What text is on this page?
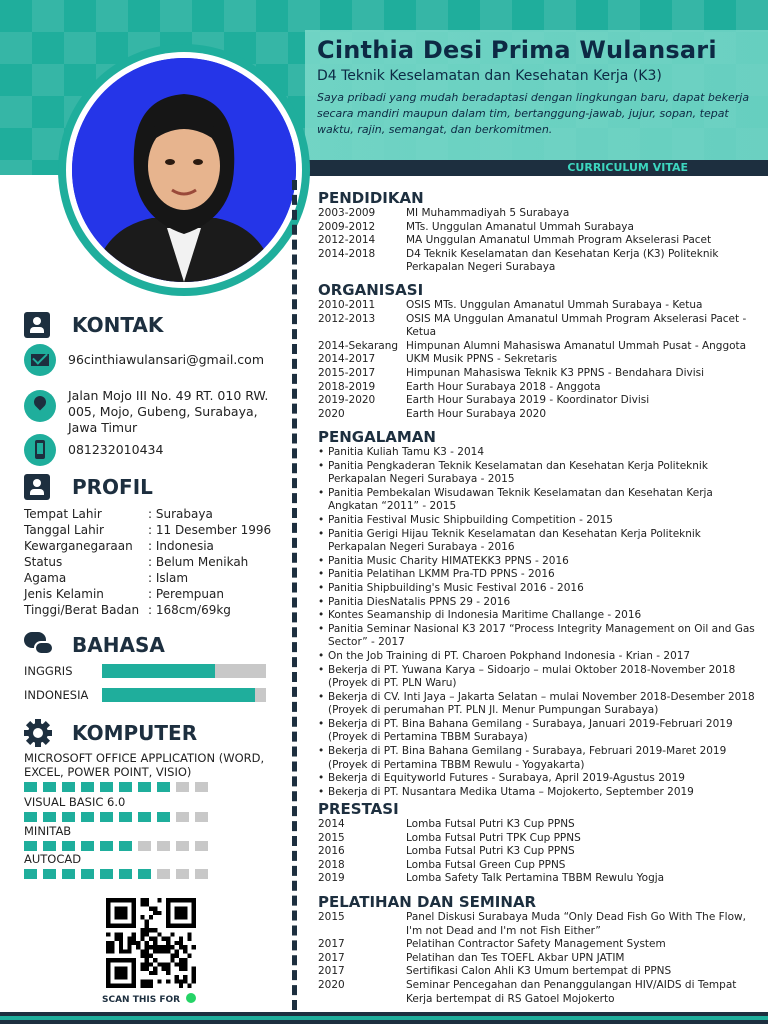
Cinthia Desi Prima Wulansari
D4 Teknik Keselamatan dan Kesehatan Kerja (K3)
Saya pribadi yang mudah beradaptasi dengan lingkungan baru, dapat bekerja secara mandiri maupun dalam tim, bertanggung-jawab, jujur, sopan, tepat waktu, rajin, semangat, dan berkomitmen.
CURRICULUM VITAE
KONTAK
96cinthiawulansari@gmail.com
Jalan Mojo III No. 49 RT. 010 RW. 005, Mojo, Gubeng, Surabaya, Jawa Timur
081232010434
PROFIL
Tempat Lahir	: Surabaya
Tanggal Lahir	: 11 Desember 1996
Kewarganegaraan	: Indonesia
Status	: Belum Menikah
Agama	: Islam
Jenis Kelamin	: Perempuan
Tinggi/Berat Badan : 168cm/69kg
BAHASA
INGGRIS
INDONESIA
KOMPUTER
MICROSOFT OFFICE APPLICATION (WORD, EXCEL, POWER POINT, VISIO)
VISUAL BASIC 6.0
MINITAB
AUTOCAD
SCAN THIS FOR
PENDIDIKAN
2003-2009	MI Muhammadiyah 5 Surabaya
2009-2012	MTs. Unggulan Amanatul Ummah Surabaya
2012-2014	MA Unggulan Amanatul Ummah Program Akselerasi Pacet
2014-2018	D4 Teknik Keselamatan dan Kesehatan Kerja (K3) Politeknik Perkapalan Negeri Surabaya
ORGANISASI
2010-2011	OSIS MTs. Unggulan Amanatul Ummah Surabaya - Ketua
2012-2013	OSIS MA Unggulan Amanatul Ummah Program Akselerasi Pacet - Ketua
2014-Sekarang Himpunan Alumni Mahasiswa Amanatul Ummah Pusat - Anggota
2014-2017	UKM Musik PPNS - Sekretaris
2015-2017	Himpunan Mahasiswa Teknik K3 PPNS - Bendahara Divisi
2018-2019	Earth Hour Surabaya 2018 - Anggota
2019-2020	Earth Hour Surabaya 2019 - Koordinator Divisi
2020	Earth Hour Surabaya 2020
PENGALAMAN
• Panitia Kuliah Tamu K3 - 2014
• Panitia Pengkaderan Teknik Keselamatan dan Kesehatan Kerja Politeknik Perkapalan Negeri Surabaya - 2015
• Panitia Pembekalan Wisudawan Teknik Keselamatan dan Kesehatan Kerja Angkatan “2011” - 2015
• Panitia Festival Music Shipbuilding Competition - 2015
• Panitia Gerigi Hijau Teknik Keselamatan dan Kesehatan Kerja Politeknik Perkapalan Negeri Surabaya - 2016
• Panitia Music Charity HIMATEKK3 PPNS - 2016
• Panitia Pelatihan LKMM Pra-TD PPNS - 2016
• Panitia Shipbuilding's Music Festival 2016 - 2016
• Panitia DiesNatalis PPNS 29 - 2016
• Kontes Seamanship di Indonesia Maritime Challange - 2016
• Panitia Seminar Nasional K3 2017 “Process Integrity Management on Oil and Gas Sector” - 2017
• On the Job Training di PT. Charoen Pokphand Indonesia - Krian - 2017
• Bekerja di PT. Yuwana Karya – Sidoarjo – mulai Oktober 2018-November 2018 (Proyek di PT. PLN Waru)
• Bekerja di CV. Inti Jaya – Jakarta Selatan – mulai November 2018-Desember 2018 (Proyek di perumahan PT. PLN Jl. Menur Pumpungan Surabaya)
• Bekerja di PT. Bina Bahana Gemilang - Surabaya, Januari 2019-Februari 2019 (Proyek di Pertamina TBBM Surabaya)
• Bekerja di PT. Bina Bahana Gemilang - Surabaya, Februari 2019-Maret 2019 (Proyek di Pertamina TBBM Rewulu - Yogyakarta)
• Bekerja di Equityworld Futures - Surabaya, April 2019-Agustus 2019
• Bekerja di PT. Nusantara Medika Utama – Mojokerto, September 2019
PRESTASI
2014	Lomba Futsal Putri K3 Cup PPNS
2015	Lomba Futsal Putri TPK Cup PPNS
2016	Lomba Futsal Putri K3 Cup PPNS
2018	Lomba Futsal Green Cup PPNS
2019	Lomba Safety Talk Pertamina TBBM Rewulu Yogja
PELATIHAN DAN SEMINAR
2015	Panel Diskusi Surabaya Muda “Only Dead Fish Go With The Flow, I'm not Dead and I'm not Fish Either”
2017	Pelatihan Contractor Safety Management System
2017	Pelatihan dan Tes TOEFL Akbar UPN JATIM
2017	Sertifikasi Calon Ahli K3 Umum bertempat di PPNS
2020	Seminar Pencegahan dan Penanggulangan HIV/AIDS di Tempat Kerja bertempat di RS Gatoel Mojokerto
